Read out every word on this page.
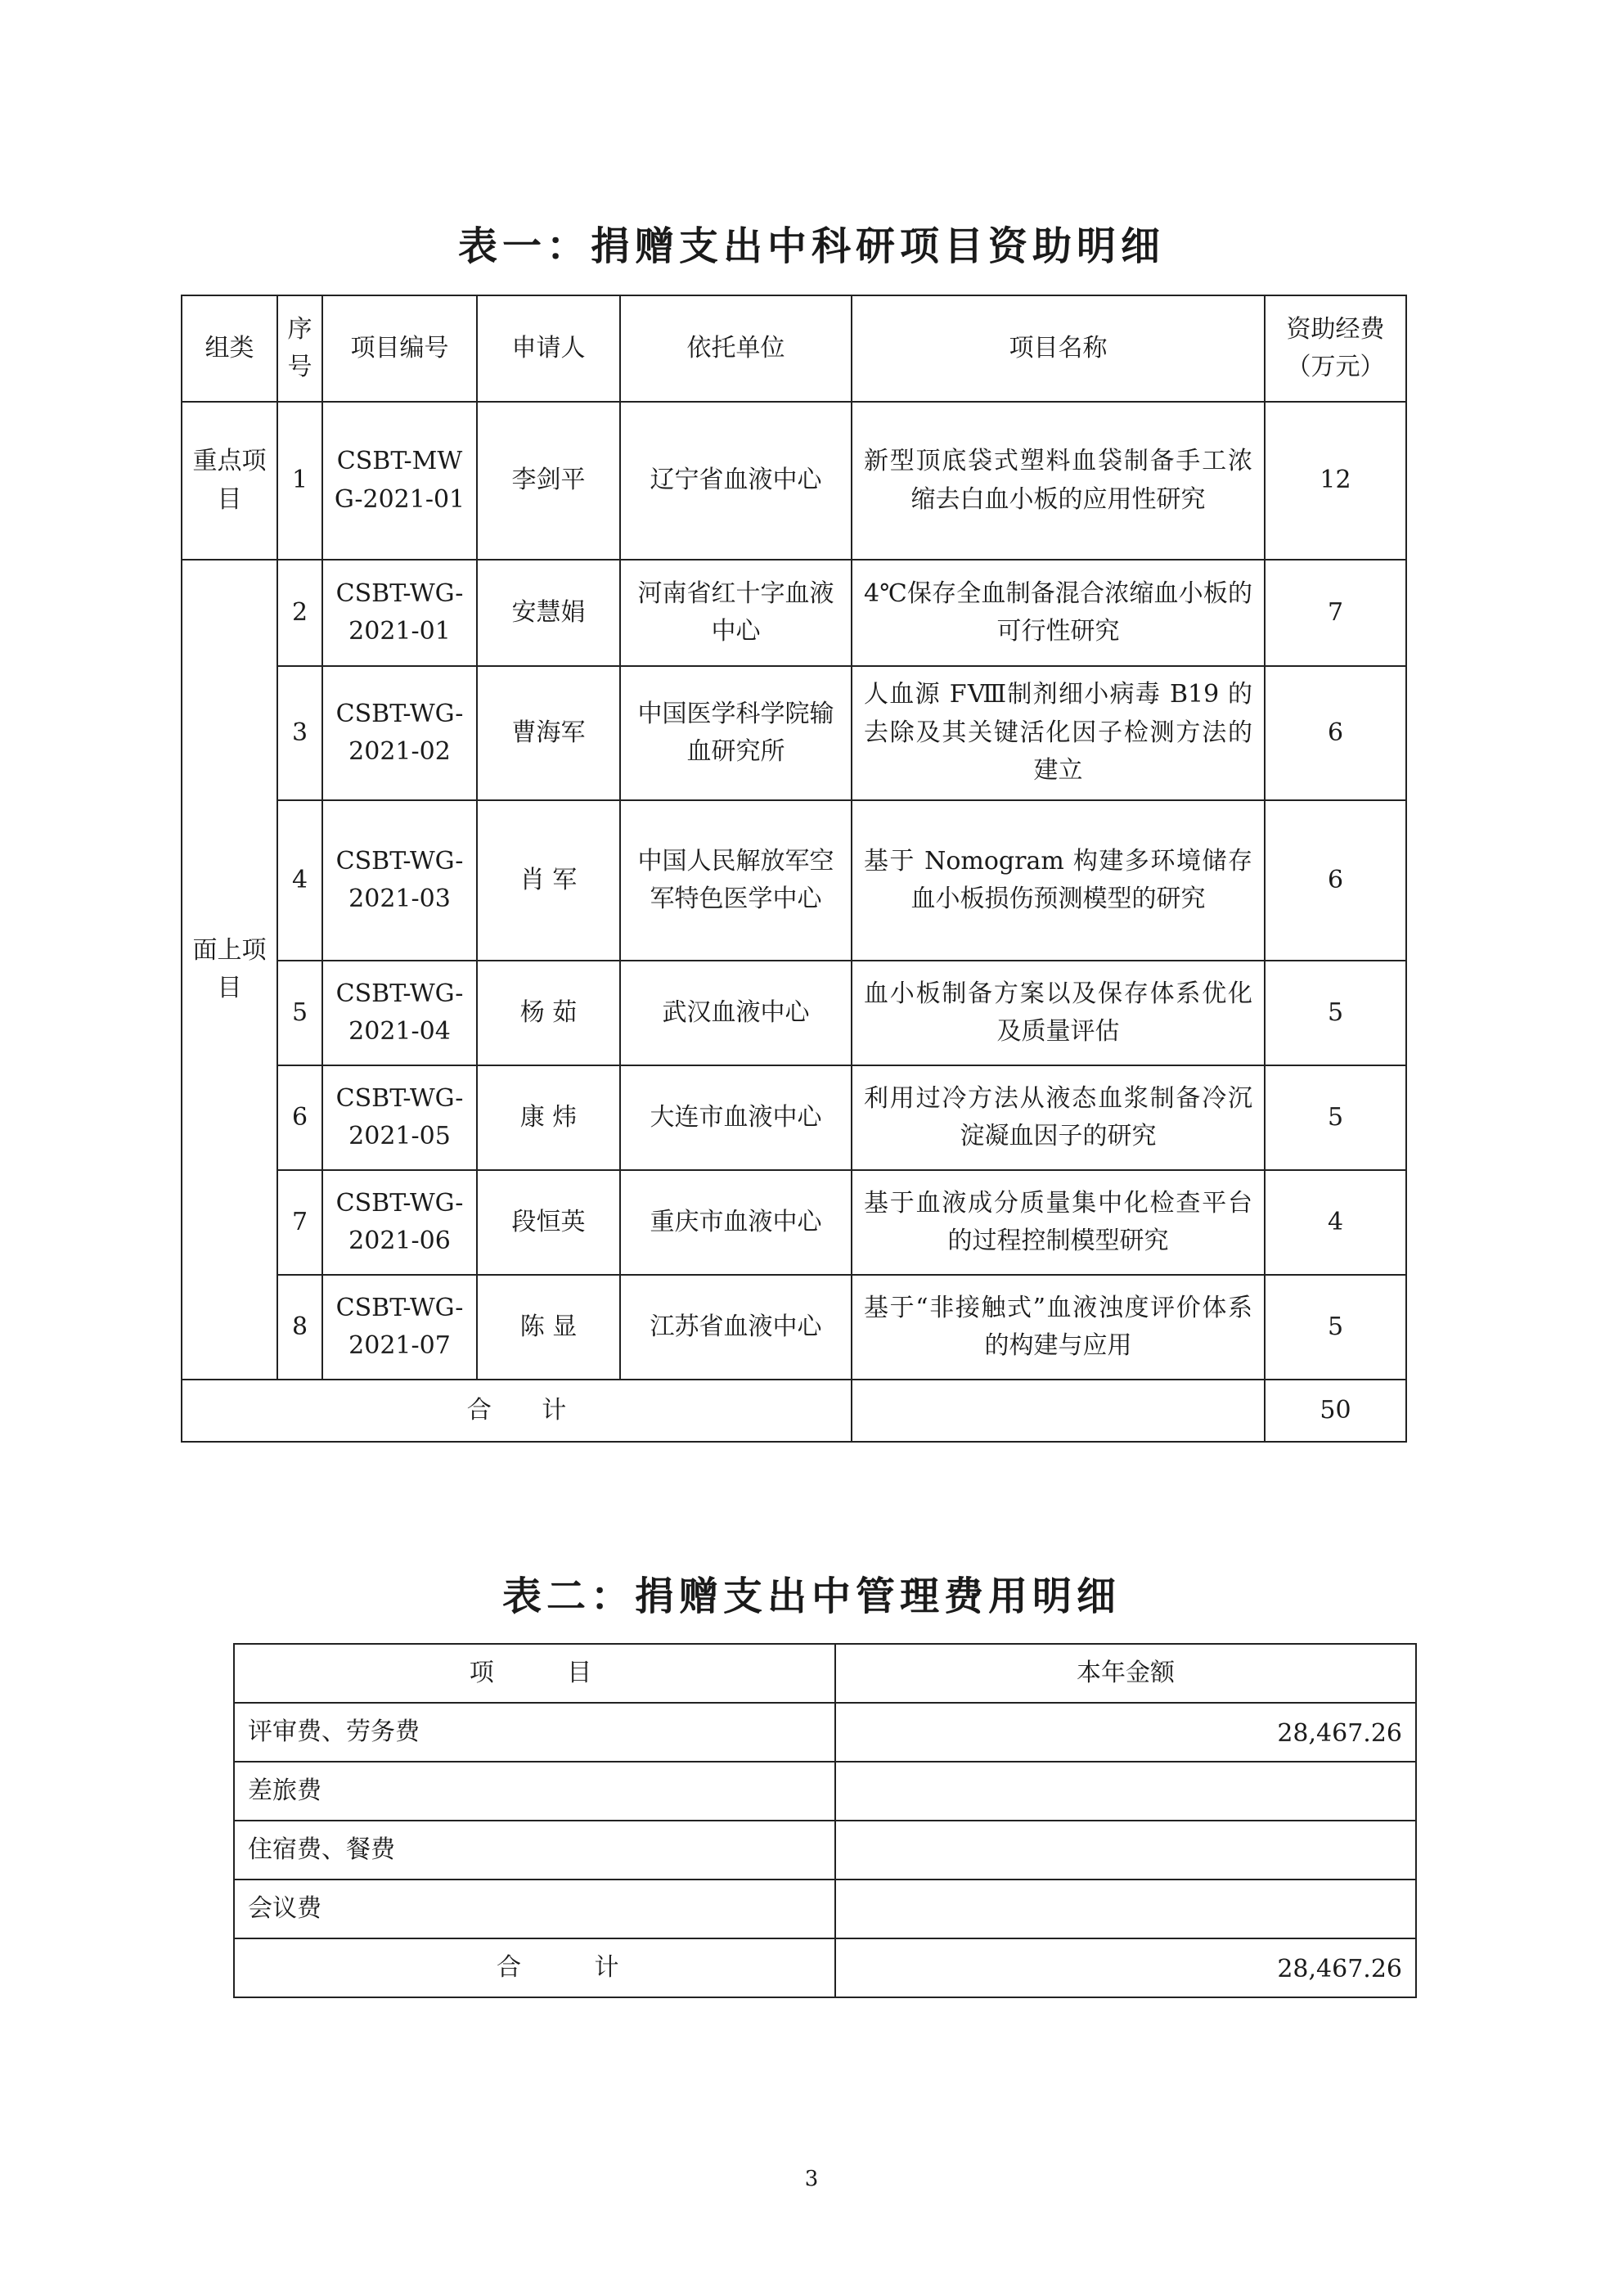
表一：捐赠支出中科研项目资助明细
组类	序号	项目编号	申请人	依托单位	项目名称	资助经费（万元）
重点项目	1	CSBT-MWG-2021-01	李剑平	辽宁省血液中心	新型顶底袋式塑料血袋制备手工浓缩去白血小板的应用性研究	12
面上项目	2	CSBT-WG-2021-01	安慧娟	河南省红十字血液中心	4℃保存全血制备混合浓缩血小板的可行性研究	7
	3	CSBT-WG-2021-02	曹海军	中国医学科学院输血研究所	人血源 FⅧ制剂细小病毒 B19 的去除及其关键活化因子检测方法的建立	6
	4	CSBT-WG-2021-03	肖 军	中国人民解放军空军特色医学中心	基于 Nomogram 构建多环境储存血小板损伤预测模型的研究	6
	5	CSBT-WG-2021-04	杨 茹	武汉血液中心	血小板制备方案以及保存体系优化及质量评估	5
	6	CSBT-WG-2021-05	康 炜	大连市血液中心	利用过冷方法从液态血浆制备冷沉淀凝血因子的研究	5
	7	CSBT-WG-2021-06	段恒英	重庆市血液中心	基于血液成分质量集中化检查平台的过程控制模型研究	4
	8	CSBT-WG-2021-07	陈 显	江苏省血液中心	基于“非接触式”血液浊度评价体系的构建与应用	5
合 计						50
表二：捐赠支出中管理费用明细
项 目	本年金额
评审费、劳务费	28,467.26
差旅费	
住宿费、餐费	
会议费	
合 计	28,467.26
3
